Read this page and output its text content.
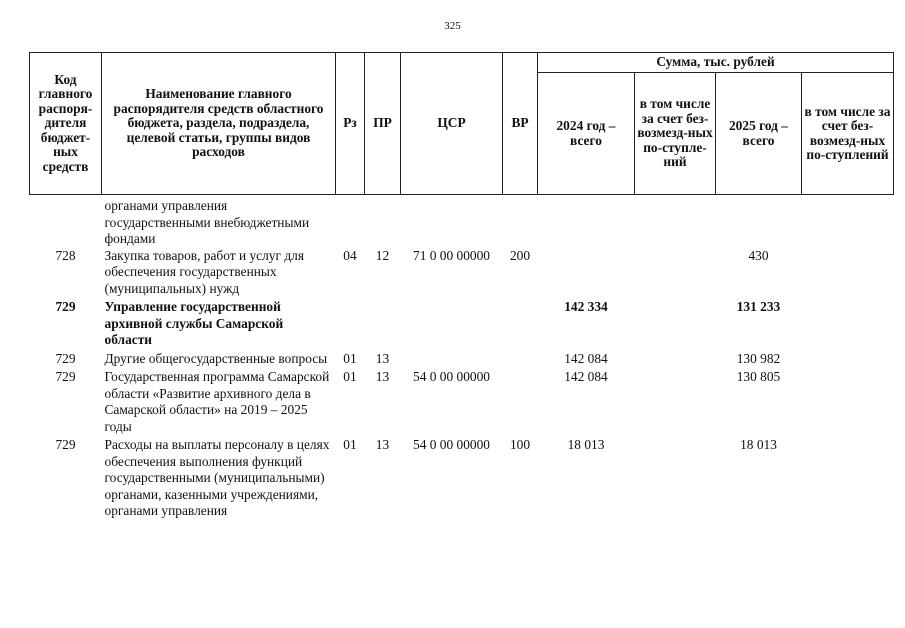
325
Код главного распоря-дителя бюджет-ных средств	Наименование главного распорядителя средств областного бюджета, раздела, подраздела, целевой статьи, группы видов расходов	Рз	ПР	ЦСР	ВР	Сумма, тыс. рублей			
						2024 год – всего	в том числе за счет без-возмезд-ных по-ступле-ний	2025 год – всего	в том числе за счет без-возмезд-ных по-ступлений
	органами управления государственными внебюджетными фондами								
728	Закупка товаров, работ и услуг для обеспечения государственных (муниципальных) нужд	04	12	71 0 00 00000	200			430	
729	Управление государственной архивной службы Самарской области					142 334		131 233	
729	Другие общегосударственные вопросы	01	13			142 084		130 982	
729	Государственная программа Самарской области «Развитие архивного дела в Самарской области» на 2019 – 2025 годы	01	13	54 0 00 00000		142 084		130 805	
729	Расходы на выплаты персоналу в целях обеспечения выполнения функций государственными (муниципальными) органами, казенными учреждениями, органами управления	01	13	54 0 00 00000	100	18 013		18 013	
